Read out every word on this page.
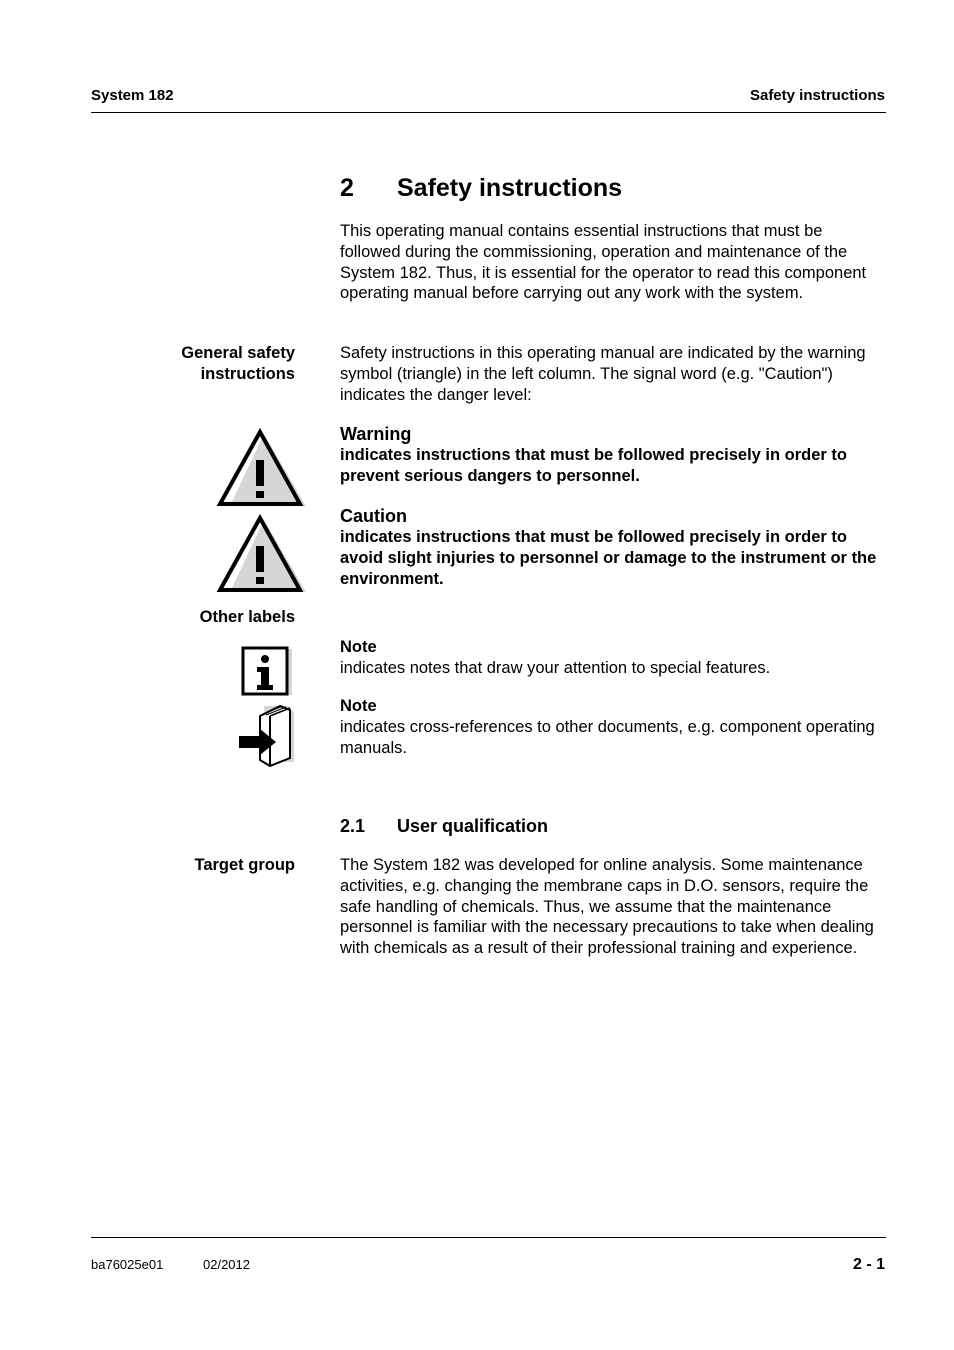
System 182	Safety instructions
2 Safety instructions
This operating manual contains essential instructions that must be followed during the commissioning, operation and maintenance of the System 182. Thus, it is essential for the operator to read this component operating manual before carrying out any work with the system.
General safety instructions
Safety instructions in this operating manual are indicated by the warning symbol (triangle) in the left column. The signal word (e.g. "Caution") indicates the danger level:
Warning
indicates instructions that must be followed precisely in order to prevent serious dangers to personnel.
Caution
indicates instructions that must be followed precisely in order to avoid slight injuries to personnel or damage to the instrument or the environment.
Other labels
Note
indicates notes that draw your attention to special features.
Note
indicates cross-references to other documents, e.g. component operating manuals.
2.1 User qualification
Target group	The System 182 was developed for online analysis. Some maintenance activities, e.g. changing the membrane caps in D.O. sensors, require the safe handling of chemicals. Thus, we assume that the maintenance personnel is familiar with the necessary precautions to take when dealing with chemicals as a result of their professional training and experience.
ba76025e01	02/2012	2 - 1
